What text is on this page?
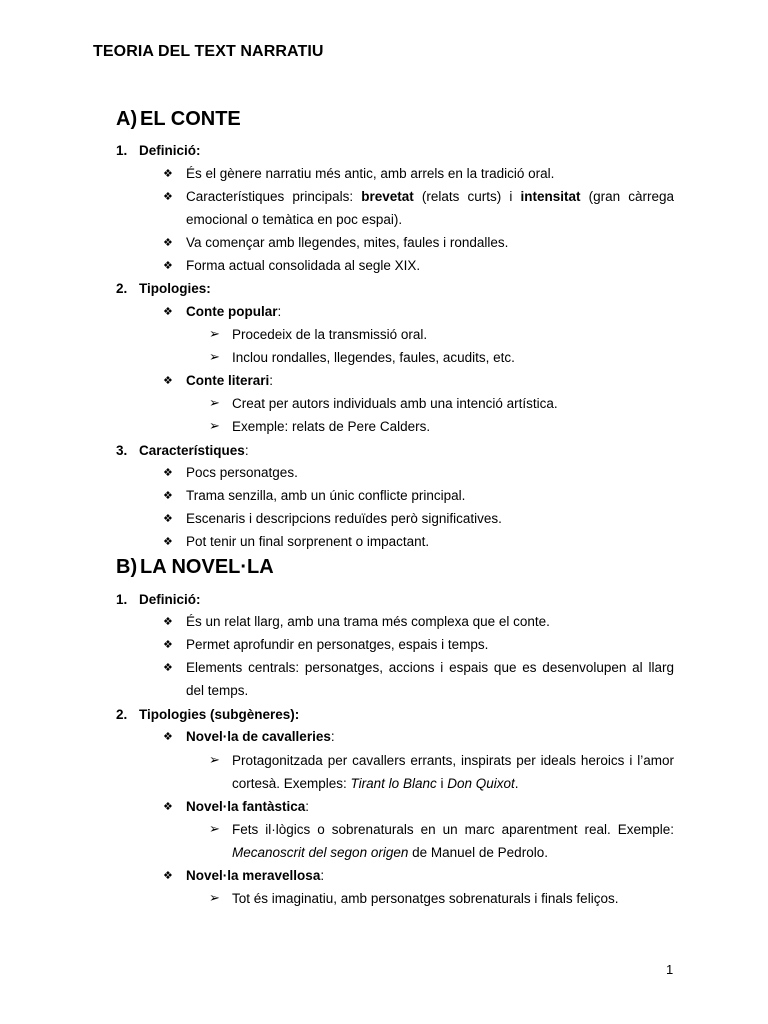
TEORIA DEL TEXT NARRATIU
A) EL CONTE
1. Definició:
❖ És el gènere narratiu més antic, amb arrels en la tradició oral.
❖ Característiques principals: brevetat (relats curts) i intensitat (gran càrrega emocional o temàtica en poc espai).
❖ Va començar amb llegendes, mites, faules i rondalles.
❖ Forma actual consolidada al segle XIX.
2. Tipologies:
❖ Conte popular:
➢ Procedeix de la transmissió oral.
➢ Inclou rondalles, llegendes, faules, acudits, etc.
❖ Conte literari:
➢ Creat per autors individuals amb una intenció artística.
➢ Exemple: relats de Pere Calders.
3. Característiques:
❖ Pocs personatges.
❖ Trama senzilla, amb un únic conflicte principal.
❖ Escenaris i descripcions reduïdes però significatives.
❖ Pot tenir un final sorprenent o impactant.
B) LA NOVEL·LA
1. Definició:
❖ És un relat llarg, amb una trama més complexa que el conte.
❖ Permet aprofundir en personatges, espais i temps.
❖ Elements centrals: personatges, accions i espais que es desenvolupen al llarg del temps.
2. Tipologies (subgèneres):
❖ Novel·la de cavalleries:
➢ Protagonitzada per cavallers errants, inspirats per ideals heroics i l’amor cortesà. Exemples: Tirant lo Blanc i Don Quixot.
❖ Novel·la fantàstica:
➢ Fets il·lògics o sobrenaturals en un marc aparentment real. Exemple: Mecanoscrit del segon origen de Manuel de Pedrolo.
❖ Novel·la meravellosa:
➢ Tot és imaginatiu, amb personatges sobrenaturals i finals feliços.
1
